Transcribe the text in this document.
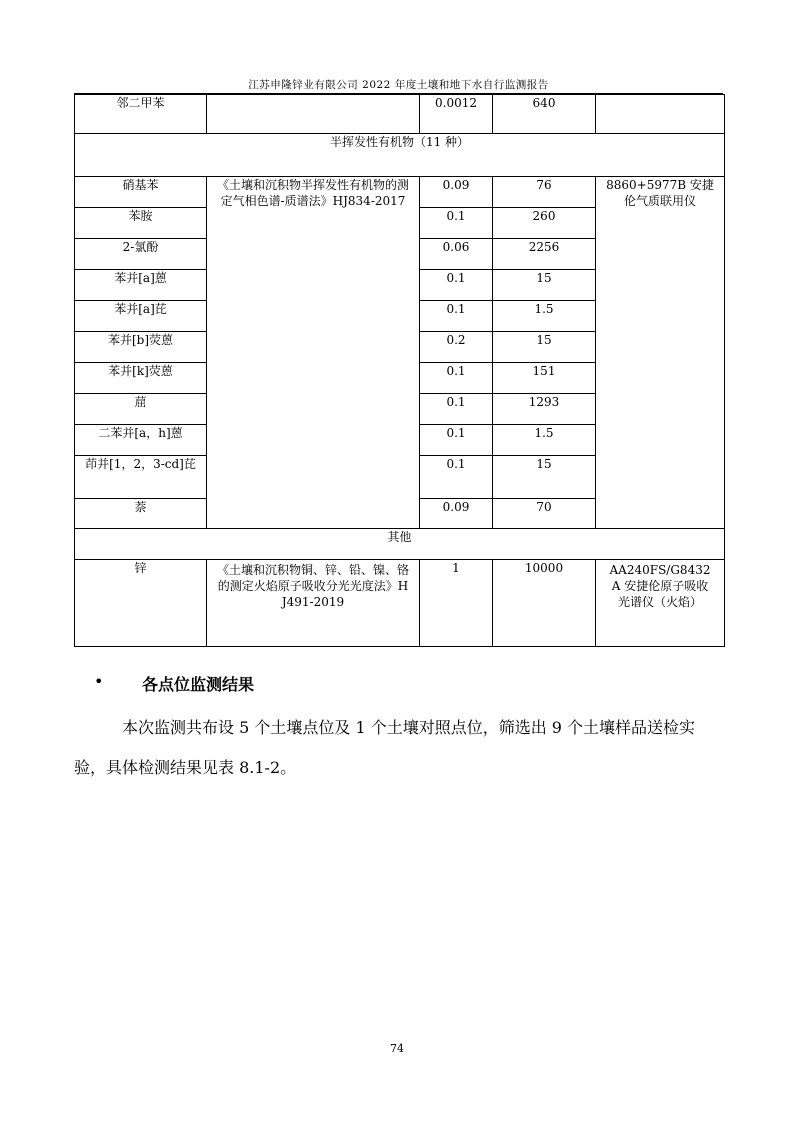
江苏申隆锌业有限公司 2022 年度土壤和地下水自行监测报告
邻二甲苯		0.0012	640	
半挥发性有机物（11 种）				
硝基苯	《土壤和沉积物半挥发性有机物的测定气相色谱-质谱法》HJ834-2017	0.09	76	8860+5977B 安捷伦气质联用仪
苯胺		0.1	260	
2-氯酚		0.06	2256	
苯并[a]蒽		0.1	15	
苯并[a]芘		0.1	1.5	
苯并[b]荧蒽		0.2	15	
苯并[k]荧蒽		0.1	151	
䓛		0.1	1293	
二苯并[a，h]蒽		0.1	1.5	
茚并[1，2，3-cd]芘		0.1	15	
萘		0.09	70	
其他				
锌	《土壤和沉积物铜、锌、铅、镍、铬的测定火焰原子吸收分光光度法》HJ491-2019	1	10000	AA240FS/G8432A 安捷伦原子吸收光谱仪（火焰）
• 各点位监测结果
本次监测共布设 5 个土壤点位及 1 个土壤对照点位，筛选出 9 个土壤样品送检实验，具体检测结果见表 8.1-2。
74
